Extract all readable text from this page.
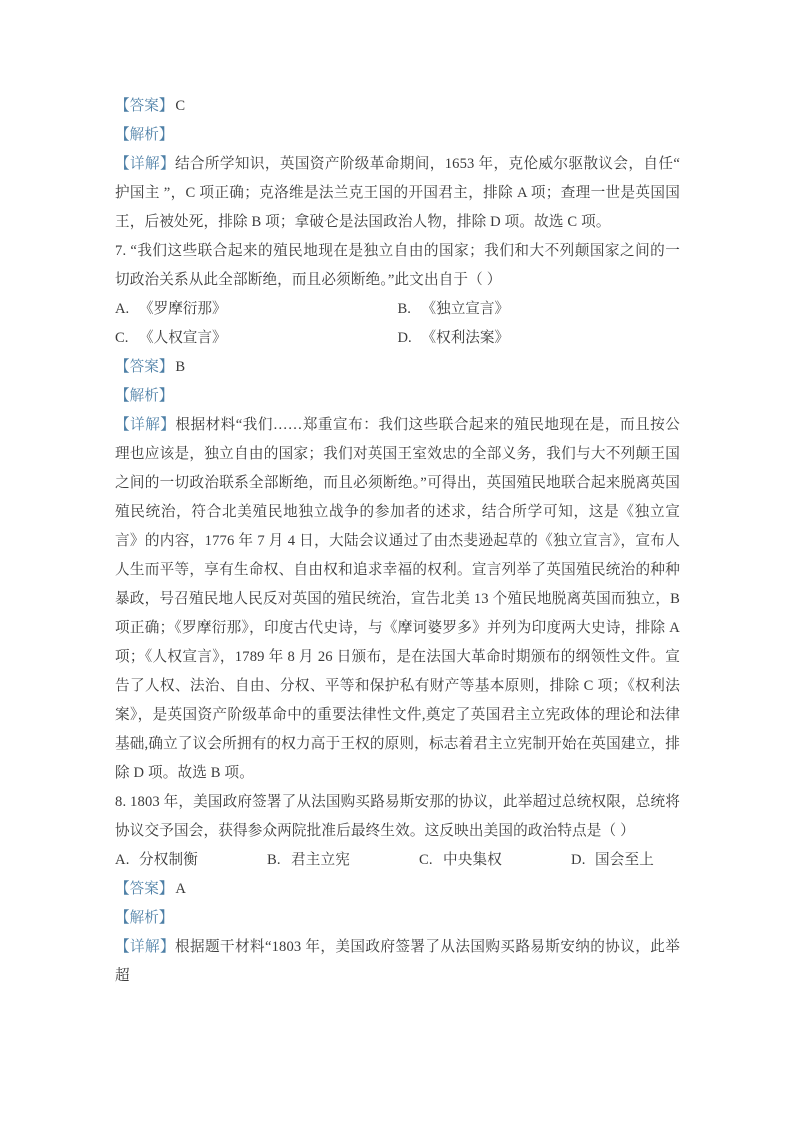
【答案】 C

【解析】

【详解】结合所学知识，英国资产阶级革命期间，1653 年，克伦威尔驱散议会，自任“ 护国主 ”，C 项正确；克洛维是法兰克王国的开国君主，排除 A 项；查理一世是英国国王，后被处死，排除 B 项；拿破仑是法国政治人物，排除 D 项。故选 C 项。

7. “我们这些联合起来的殖民地现在是独立自由的国家；我们和大不列颠国家之间的一切政治关系从此全部断绝，而且必须断绝。”此文出自于（ ）

A. 《罗摩衍那》	B. 《独立宣言》
C. 《人权宣言》	D. 《权利法案》

【答案】 B

【解析】

【详解】根据材料“我们……郑重宣布：我们这些联合起来的殖民地现在是，而且按公理也应该是，独立自由的国家；我们对英国王室效忠的全部义务，我们与大不列颠王国之间的一切政治联系全部断绝，而且必须断绝。”可得出，英国殖民地联合起来脱离英国殖民统治，符合北美殖民地独立战争的参加者的述求，结合所学可知，这是《独立宣言》的内容，1776 年 7 月 4 日，大陆会议通过了由杰斐逊起草的《独立宣言》，宣布人人生而平等，享有生命权、自由权和追求幸福的权利。宣言列举了英国殖民统治的种种暴政，号召殖民地人民反对英国的殖民统治，宣告北美 13 个殖民地脱离英国而独立，B 项正确；《罗摩衍那》，印度古代史诗，与《摩诃婆罗多》并列为印度两大史诗，排除 A 项；《人权宣言》，1789 年 8 月 26 日颁布，是在法国大革命时期颁布的纲领性文件。宣告了人权、法治、自由、分权、平等和保护私有财产等基本原则，排除 C 项；《权利法案》，是英国资产阶级革命中的重要法律性文件,奠定了英国君主立宪政体的理论和法律基础,确立了议会所拥有的权力高于王权的原则，标志着君主立宪制开始在英国建立，排除 D 项。故选 B 项。

8. 1803 年，美国政府签署了从法国购买路易斯安那的协议，此举超过总统权限，总统将协议交予国会，获得参众两院批准后最终生效。这反映出美国的政治特点是（ ）

A. 分权制衡	B. 君主立宪	C. 中央集权	D. 国会至上

【答案】 A

【解析】

【详解】根据题干材料“1803 年，美国政府签署了从法国购买路易斯安纳的协议，此举超
